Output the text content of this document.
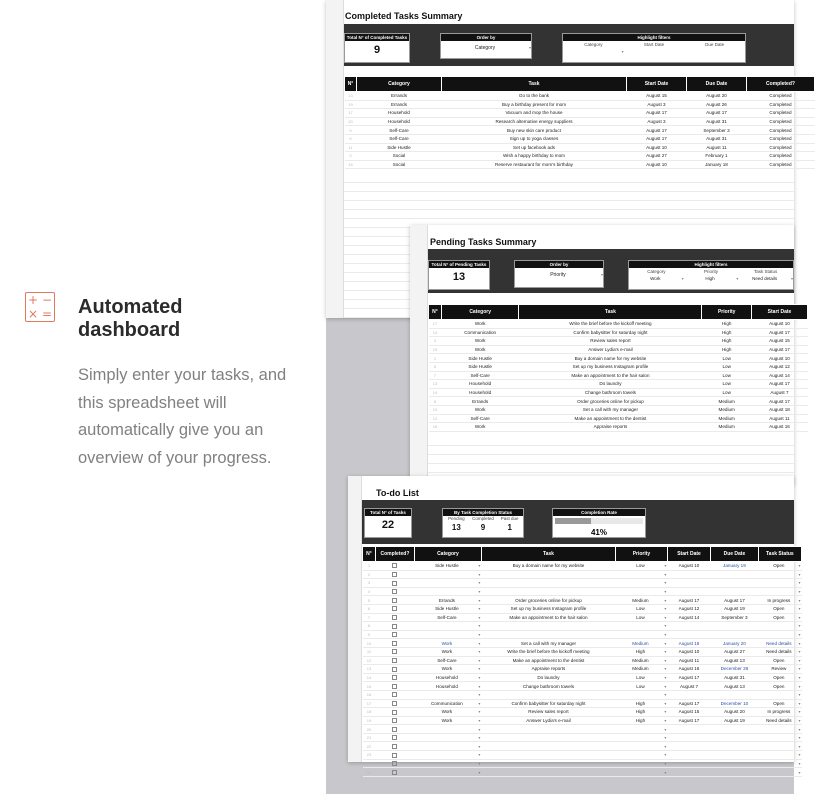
+ −
× = Automated dashboard
Simply enter your tasks, and this spreadsheet will automatically give you an overview of your progress.
Completed Tasks Summary
Total N° of Completed Tasks
9
Order by
Category	▾
Highlight filters
Category	Start Date	Due Date
▾
N°	Category	Task	Start Date	Due Date	Completed?
13	Errands	Go to the bank	August 15	August 20	Completed
19	Errands	Buy a birthday present for mom	August 3	August 26	Completed
17	Household	Vacuum and mop the house	August 17	August 17	Completed
20	Household	Research alternative energy suppliers	August 3	August 31	Completed
9	Self-Care	Buy new skin care product	August 17	September 3	Completed
5	Self-Care	Sign up to yoga classes	August 17	August 31	Completed
11	Side Hustle	Set up facebook ads	August 10	August 11	Completed
3	Social	Wish a happy birthday to mom	August 27	February 1	Completed
16	Social	Reserve restaurant for mom's birthday	August 10	January 18	Completed
Pending Tasks Summary
Total N° of Pending Tasks
13
Order by
Priority	▾
Highlight filters
Category	Priority	Task Status
Work	▾	High	▾	Need details	▾
N°	Category	Task	Priority	Start Date
17	Work	Write the brief before the kickoff meeting	High	August 10
14	Communication	Confirm babysitter for saturday night	High	August 17
3	Work	Review sales report	High	August 15
19	Work	Answer Lydia's e-mail	High	August 17
1	Side Hustle	Buy a domain name for my website	Low	August 10
6	Side Hustle	Set up my business Instagram profile	Low	August 12
7	Self-Care	Make an appointment to the hair salon	Low	August 14
13	Household	Do laundry	Low	August 17
14	Household	Change bathroom towels	Low	August 7
5	Errands	Order groceries online for pickup	Medium	August 17
10	Work	Set a call with my manager	Medium	August 18
12	Self-Care	Make an appointment to the dentist	Medium	August 11
16	Work	Appraise reports	Medium	August 16
To-do List
Total N° of Tasks
22
By Task Completion Status
Pending	Completed	Past due
13	9	1
Completion Rate
41%
N°	Completed?	Category	Task	Priority	Start Date	Due Date	Task Status
1		Side Hustle ▾	Buy a domain name for my website	Low ▾	August 10	January 19	Open ▾

2		▾		▾			▾

3		▾		▾			▾

4		▾		▾			▾

5		Errands ▾	Order groceries online for pickup	Medium ▾	August 17	August 17	In progress ▾

6		Side Hustle ▾	Set up my business Instagram profile	Low ▾	August 12	August 19	Open ▾

7		Self-Care ▾	Make an appointment to the hair salon	Low ▾	August 14	September 3	Open ▾

8		▾		▾			▾

9		▾		▾			▾

10		Work ▾	Set a call with my manager	Medium ▾	August 18	January 20	Need details ▾

11		Work ▾	Write the brief before the kickoff meeting	High ▾	August 10	August 27	Need details ▾

12		Self-Care ▾	Make an appointment to the dentist	Medium ▾	August 11	August 13	Open ▾

13		Work ▾	Appraise reports	Medium ▾	August 16	December 28	Review ▾

14		Household ▾	Do laundry	Low ▾	August 17	August 31	Open ▾

15		Household ▾	Change bathroom towels	Low ▾	August 7	August 13	Open ▾

16		▾		▾			▾

17		Communication ▾	Confirm babysitter for saturday night	High ▾	August 17	December 10	Open ▾

18		Work ▾	Review sales report	High ▾	August 15	August 20	In progress ▾

19		Work ▾	Answer Lydia's e-mail	High ▾	August 17	August 19	Need details ▾

20		▾		▾			▾

21		▾		▾			▾

22		▾		▾			▾

23		▾		▾			▾

24		▾		▾			▾

25		▾		▾			▾
